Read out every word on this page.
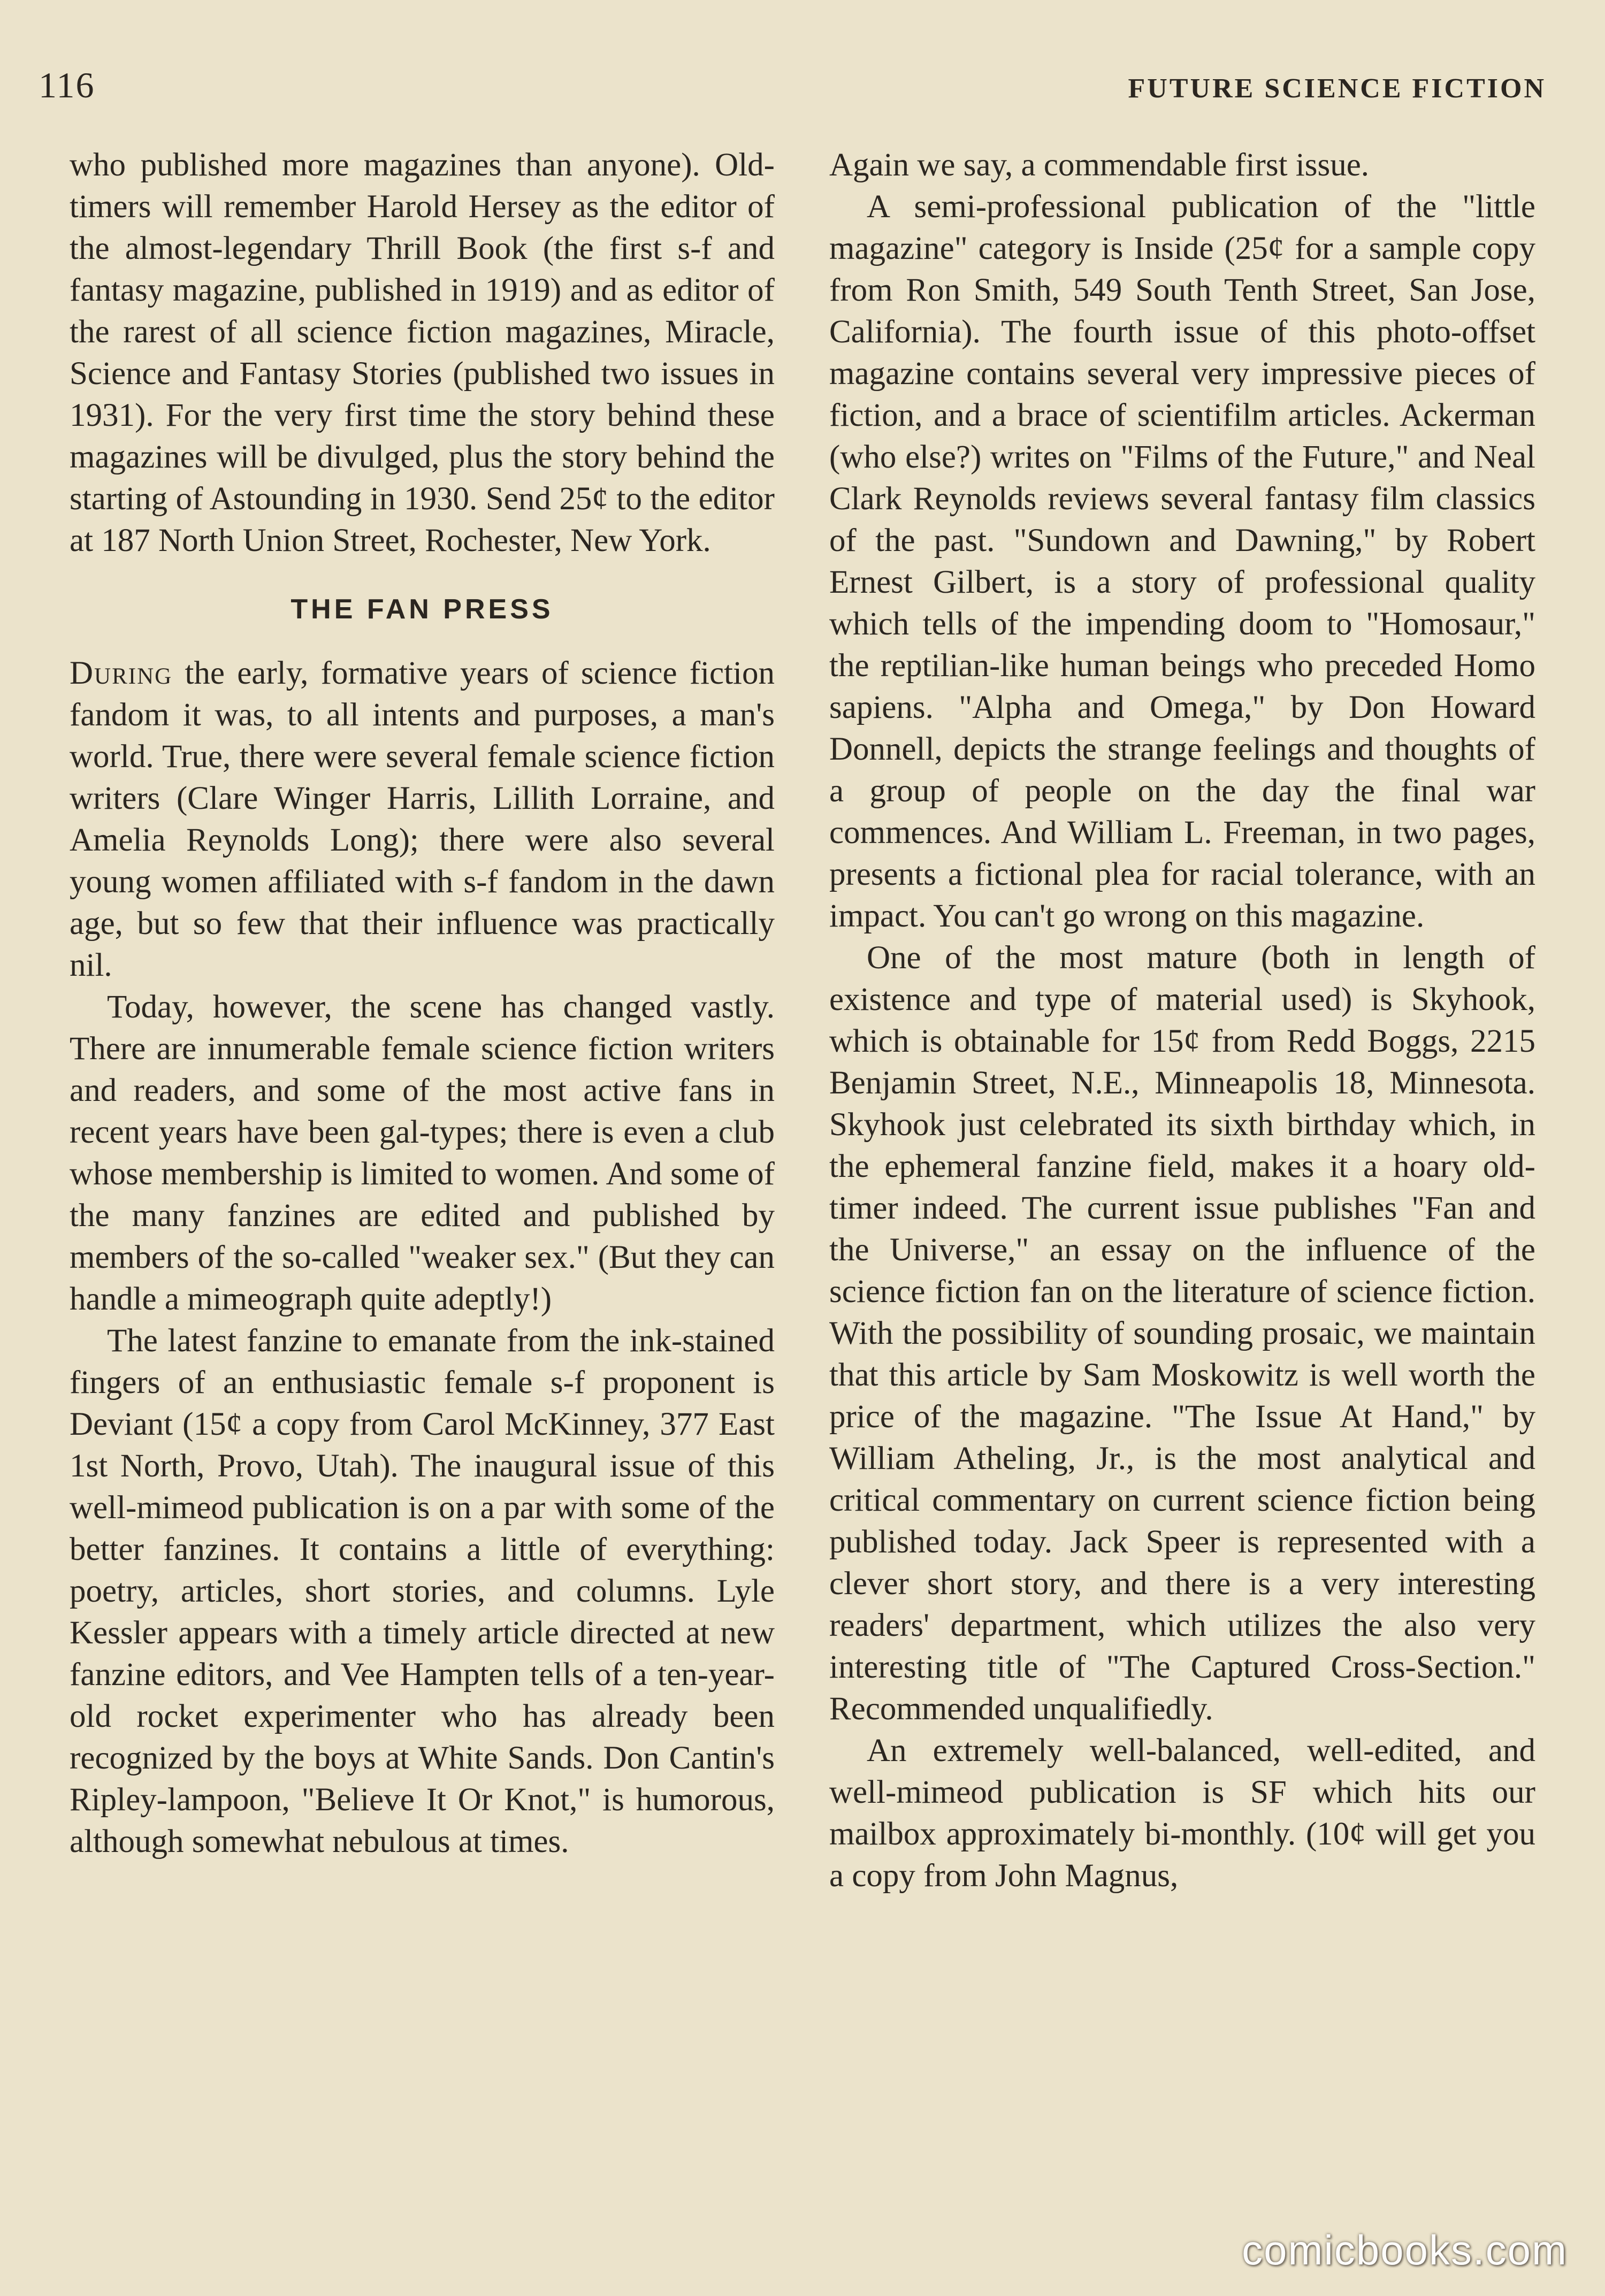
116	FUTURE SCIENCE FICTION

who published more magazines than anyone). Old-timers will remember Harold Hersey as the editor of the almost-legendary Thrill Book (the first s-f and fantasy magazine, published in 1919) and as editor of the rarest of all science fiction magazines, Miracle, Science and Fantasy Stories (published two issues in 1931). For the very first time the story behind these magazines will be divulged, plus the story behind the starting of Astounding in 1930. Send 25¢ to the editor at 187 North Union Street, Rochester, New York.

THE FAN PRESS

During the early, formative years of science fiction fandom it was, to all intents and purposes, a man's world. True, there were several female science fiction writers (Clare Winger Harris, Lillith Lorraine, and Amelia Reynolds Long); there were also several young women affiliated with s-f fandom in the dawn age, but so few that their influence was practically nil.

Today, however, the scene has changed vastly. There are innumerable female science fiction writers and readers, and some of the most active fans in recent years have been gal-types; there is even a club whose membership is limited to women. And some of the many fanzines are edited and published by members of the so-called "weaker sex." (But they can handle a mimeograph quite adeptly!)

The latest fanzine to emanate from the ink-stained fingers of an enthusiastic female s-f proponent is Deviant (15¢ a copy from Carol McKinney, 377 East 1st North, Provo, Utah). The inaugural issue of this well-mimeod publication is on a par with some of the better fanzines. It contains a little of everything: poetry, articles, short stories, and columns. Lyle Kessler appears with a timely article directed at new fanzine editors, and Vee Hampten tells of a ten-year-old rocket experimenter who has already been recognized by the boys at White Sands. Don Cantin's Ripley-lampoon, "Believe It Or Knot," is humorous, although somewhat nebulous at times.

Again we say, a commendable first issue.

A semi-professional publication of the "little magazine" category is Inside (25¢ for a sample copy from Ron Smith, 549 South Tenth Street, San Jose, California). The fourth issue of this photo-offset magazine contains several very impressive pieces of fiction, and a brace of scientifilm articles. Ackerman (who else?) writes on "Films of the Future," and Neal Clark Reynolds reviews several fantasy film classics of the past. "Sundown and Dawning," by Robert Ernest Gilbert, is a story of professional quality which tells of the impending doom to "Homosaur," the reptilian-like human beings who preceded Homo sapiens. "Alpha and Omega," by Don Howard Donnell, depicts the strange feelings and thoughts of a group of people on the day the final war commences. And William L. Freeman, in two pages, presents a fictional plea for racial tolerance, with an impact. You can't go wrong on this magazine.

One of the most mature (both in length of existence and type of material used) is Skyhook, which is obtainable for 15¢ from Redd Boggs, 2215 Benjamin Street, N.E., Minneapolis 18, Minnesota. Skyhook just celebrated its sixth birthday which, in the ephemeral fanzine field, makes it a hoary old-timer indeed. The current issue publishes "Fan and the Universe," an essay on the influence of the science fiction fan on the literature of science fiction. With the possibility of sounding prosaic, we maintain that this article by Sam Moskowitz is well worth the price of the magazine. "The Issue At Hand," by William Atheling, Jr., is the most analytical and critical commentary on current science fiction being published today. Jack Speer is represented with a clever short story, and there is a very interesting readers' department, which utilizes the also very interesting title of "The Captured Cross-Section." Recommended unqualifiedly.

An extremely well-balanced, well-edited, and well-mimeod publication is SF which hits our mailbox approximately bi-monthly. (10¢ will get you a copy from John Magnus,

comicbooks.com
